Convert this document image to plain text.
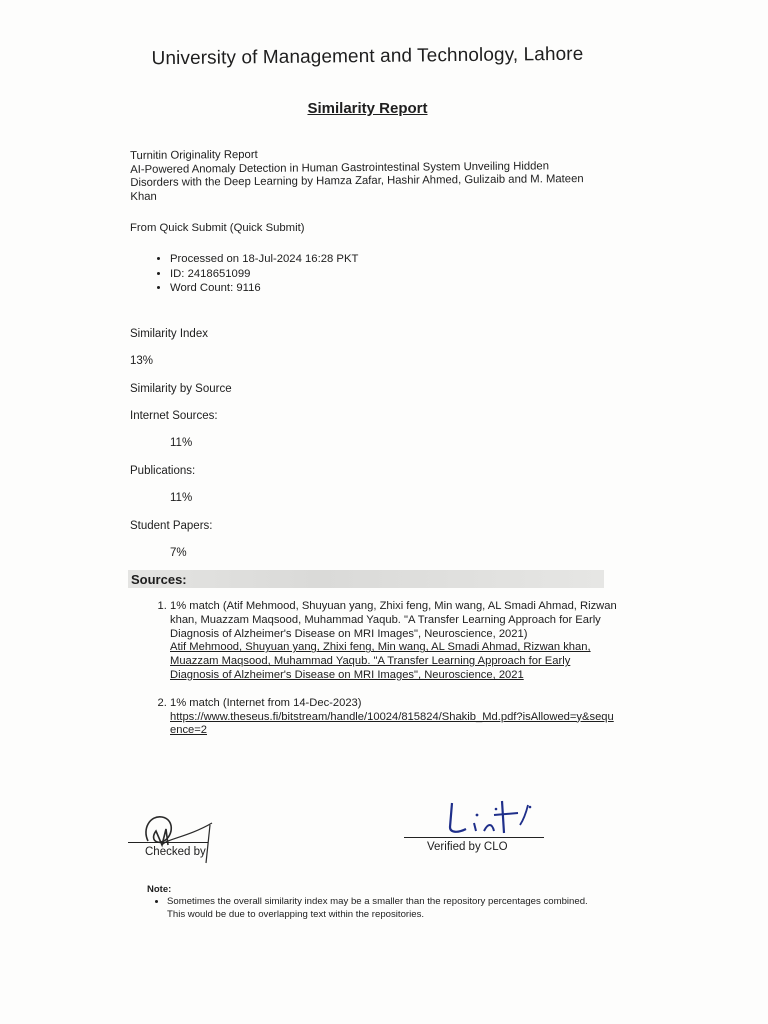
University of Management and Technology, Lahore
Similarity Report
Turnitin Originality Report
AI-Powered Anomaly Detection in Human Gastrointestinal System Unveiling Hidden Disorders with the Deep Learning by Hamza Zafar, Hashir Ahmed, Gulizaib and M. Mateen Khan
From Quick Submit (Quick Submit)
• Processed on 18-Jul-2024 16:28 PKT
• ID: 2418651099
• Word Count: 9116
Similarity Index
13%
Similarity by Source
Internet Sources:
11%
Publications:
11%
Student Papers:
7%
Sources:
1. 1% match (Atif Mehmood, Shuyuan yang, Zhixi feng, Min wang, AL Smadi Ahmad, Rizwan khan, Muazzam Maqsood, Muhammad Yaqub. "A Transfer Learning Approach for Early Diagnosis of Alzheimer's Disease on MRI Images", Neuroscience, 2021)
Atif Mehmood, Shuyuan yang, Zhixi feng, Min wang, AL Smadi Ahmad, Rizwan khan, Muazzam Maqsood, Muhammad Yaqub. "A Transfer Learning Approach for Early Diagnosis of Alzheimer's Disease on MRI Images", Neuroscience, 2021
2. 1% match (Internet from 14-Dec-2023)
https://www.theseus.fi/bitstream/handle/10024/815824/Shakib_Md.pdf?isAllowed=y&sequence=2
Checked by	Verified by CLO
Note:
• Sometimes the overall similarity index may be a smaller than the repository percentages combined. This would be due to overlapping text within the repositories.
